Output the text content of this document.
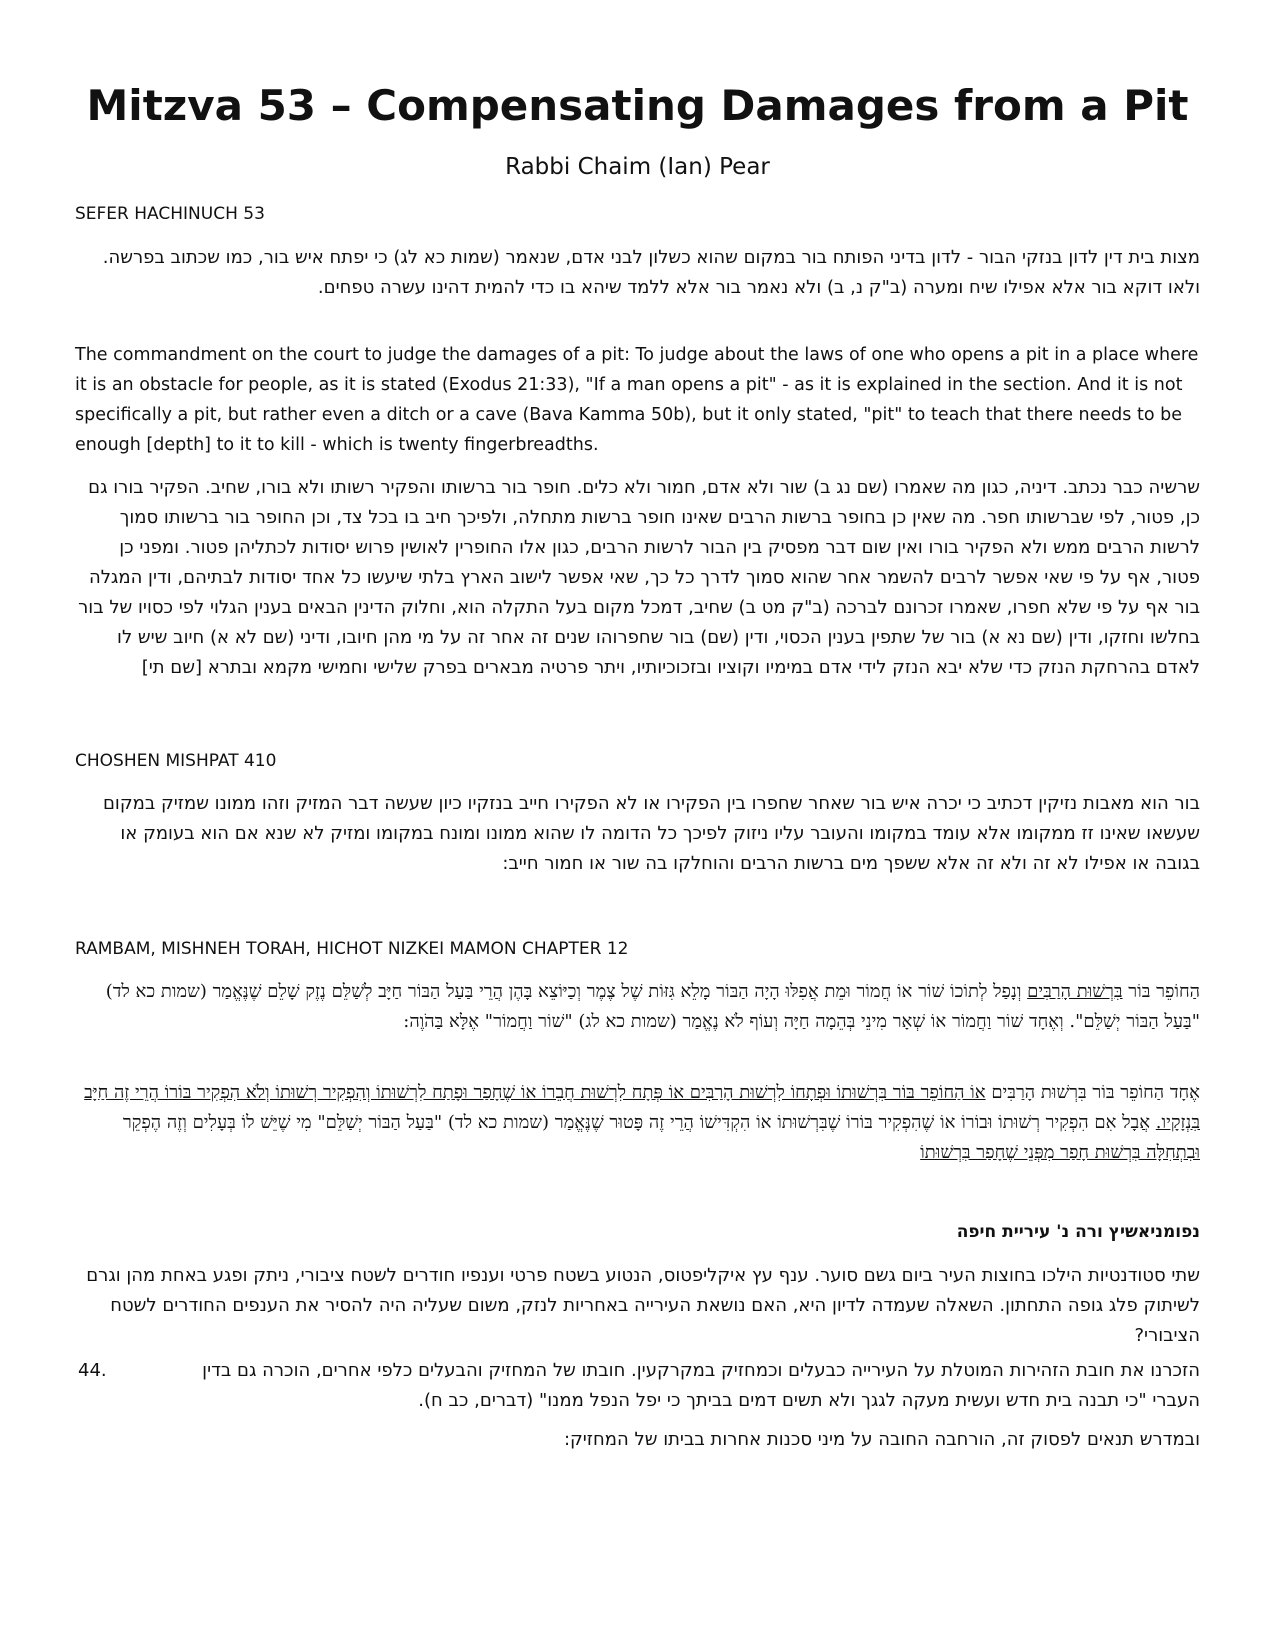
Mitzva 53 – Compensating Damages from a Pit
Rabbi Chaim (Ian) Pear
SEFER HACHINUCH 53

מצות בית דין לדון בנזקי הבור - לדון בדיני הפותח בור במקום שהוא כשלון לבני אדם, שנאמר (שמות כא לג) כי יפתח איש בור, כמו שכתוב בפרשה. ולאו דוקא בור אלא אפילו שיח ומערה (ב"ק נ, ב) ולא נאמר בור אלא ללמד שיהא בו כדי להמית דהינו עשרה טפחים.

The commandment on the court to judge the damages of a pit: To judge about the laws of one who opens a pit in a place where it is an obstacle for people, as it is stated (Exodus 21:33), "If a man opens a pit" - as it is explained in the section. And it is not specifically a pit, but rather even a ditch or a cave (Bava Kamma 50b), but it only stated, "pit" to teach that there needs to be enough [depth] to it to kill - which is twenty fingerbreadths.

שרשיה כבר נכתב. דיניה, כגון מה שאמרו (שם נג ב) שור ולא אדם, חמור ולא כלים. חופר בור ברשותו והפקיר רשותו ולא בורו, שחיב. הפקיר בורו גם כן, פטור, לפי שברשותו חפר. מה שאין כן בחופר ברשות הרבים שאינו חופר ברשות מתחלה, ולפיכך חיב בו בכל צד, וכן החופר בור ברשותו סמוך לרשות הרבים ממש ולא הפקיר בורו ואין שום דבר מפסיק בין הבור לרשות הרבים, כגון אלו החופרין לאושין פרוש יסודות לכתליהן פטור. ומפני כן פטור, אף על פי שאי אפשר לרבים להשמר אחר שהוא סמוך לדרך כל כך, שאי אפשר לישוב הארץ בלתי שיעשו כל אחד יסודות לבתיהם, ודין המגלה בור אף על פי שלא חפרו, שאמרו זכרונם לברכה (ב"ק מט ב) שחיב, דמכל מקום בעל התקלה הוא, וחלוק הדינין הבאים בענין הגלוי לפי כסויו של בור בחלשו וחזקו, ודין (שם נא א) בור של שתפין בענין הכסוי, ודין (שם) בור שחפרוהו שנים זה אחר זה על מי מהן חיובו, ודיני (שם לא א) חיוב שיש לו לאדם בהרחקת הנזק כדי שלא יבא הנזק לידי אדם במימיו וקוציו ובזכוכיותיו, ויתר פרטיה מבארים בפרק שלישי וחמישי מקמא ובתרא [שם תי]

CHOSHEN MISHPAT 410

בור הוא מאבות נזיקין דכתיב כי יכרה איש בור שאחר שחפרו בין הפקירו או לא הפקירו חייב בנזקיו כיון שעשה דבר המזיק וזהו ממונו שמזיק במקום שעשאו שאינו זז ממקומו אלא עומד במקומו והעובר עליו ניזוק לפיכך כל הדומה לו שהוא ממונו ומונח במקומו ומזיק לא שנא אם הוא בעומק או בגובה או אפילו לא זה ולא זה אלא ששפך מים ברשות הרבים והוחלקו בה שור או חמור חייב:

RAMBAM, MISHNEH TORAH, HICHOT NIZKEI MAMON CHAPTER 12

הַחוֹפֵר בּוֹר בִּרְשׁוּת הָרַבִּים וְנָפַל לְתוֹכוֹ שׁוֹר אוֹ חֲמוֹר וּמֵת אֲפִלּוּ הָיָה הַבּוֹר מָלֵא גִּזּוֹת שֶׁל צֶמֶר וְכַיּוֹצֵא בָּהֶן הֲרֵי בַּעַל הַבּוֹר חַיָּב לְשַׁלֵּם נֶזֶק שָׁלֵם שֶׁנֶּאֱמַר (שמות כא לד) "בַּעַל הַבּוֹר יְשַׁלֵּם". וְאֶחָד שׁוֹר וַחֲמוֹר אוֹ שְׁאָר מִינֵי בְּהֵמָה חַיָּה וְעוֹף לֹא נֶאֱמַר (שמות כא לג) "שׁוֹר וַחֲמוֹר" אֶלָּא בַּהֹוֶה:

אֶחָד הַחוֹפֵר בּוֹר בִּרְשׁוּת הָרַבִּים אוֹ הַחוֹפֵר בּוֹר בִּרְשׁוּתוֹ וּפְתָחוֹ לִרְשׁוּת הָרַבִּים אוֹ פְּתָח לִרְשׁוּת חֲבֵרוֹ אוֹ שֶׁחָפַר וּפָתַח לִרְשׁוּתוֹ וְהִפְקִיר רְשׁוּתוֹ וְלֹא הִפְקִיר בּוֹרוֹ הֲרֵי זֶה חַיָּב בִּנְזָקָיו. אֲבָל אִם הִפְקִיר רְשׁוּתוֹ וּבוֹרוֹ אוֹ שֶׁהִפְקִיר בּוֹרוֹ שֶׁבִּרְשׁוּתוֹ אוֹ הִקְדִּישׁוֹ הֲרֵי זֶה פָּטוּר שֶׁנֶּאֱמַר (שמות כא לד) "בַּעַל הַבּוֹר יְשַׁלֵּם" מִי שֶׁיֵּשׁ לוֹ בְּעָלִים וְזֶה הֶפְקֵר וּבִתְחִלָּה בִּרְשׁוּת חָפַר מִפְּנֵי שֶׁחָפַר בִּרְשׁוּתוֹ

נפומניאשיץ ורה נ' עיריית חיפה

שתי סטודנטיות הילכו בחוצות העיר ביום גשם סוער. ענף עץ איקליפטוס, הנטוע בשטח פרטי וענפיו חודרים לשטח ציבורי, ניתק ופגע באחת מהן וגרם לשיתוק פלג גופה התחתון. השאלה שעמדה לדיון היא, האם נושאת העירייה באחריות לנזק, משום שעליה היה להסיר את הענפים החודרים לשטח הציבורי?

44.	הזכרנו את חובת הזהירות המוטלת על העירייה כבעלים וכמחזיק במקרקעין. חובתו של המחזיק והבעלים כלפי אחרים, הוכרה גם בדין העברי "כי תבנה בית חדש ועשית מעקה לגגך ולא תשים דמים בביתך כי יפל הנפל ממנו" (דברים, כב ח).

ובמדרש תנאים לפסוק זה, הורחבה החובה על מיני סכנות אחרות בביתו של המחזיק:
